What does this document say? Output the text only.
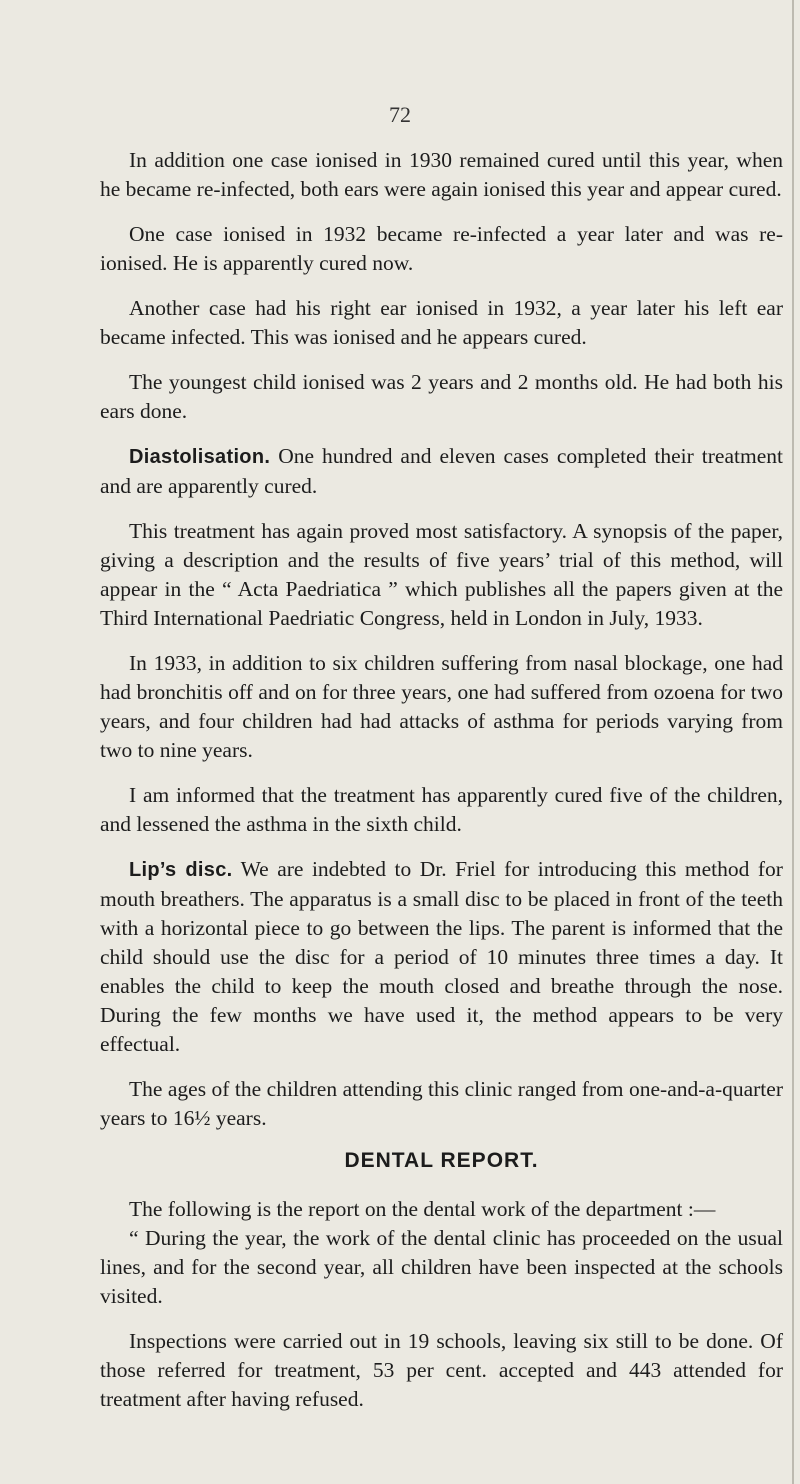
72

In addition one case ionised in 1930 remained cured until this year, when he became re-infected, both ears were again ionised this year and appear cured.

One case ionised in 1932 became re-infected a year later and was re-ionised. He is apparently cured now.

Another case had his right ear ionised in 1932, a year later his left ear became infected. This was ionised and he appears cured.

The youngest child ionised was 2 years and 2 months old. He had both his ears done.

Diastolisation. One hundred and eleven cases completed their treatment and are apparently cured.

This treatment has again proved most satisfactory. A synopsis of the paper, giving a description and the results of five years’ trial of this method, will appear in the “ Acta Paedriatica ” which publishes all the papers given at the Third International Paedriatic Congress, held in London in July, 1933.

In 1933, in addition to six children suffering from nasal blockage, one had had bronchitis off and on for three years, one had suffered from ozoena for two years, and four children had had attacks of asthma for periods varying from two to nine years.

I am informed that the treatment has apparently cured five of the children, and lessened the asthma in the sixth child.

Lip’s disc. We are indebted to Dr. Friel for introducing this method for mouth breathers. The apparatus is a small disc to be placed in front of the teeth with a horizontal piece to go between the lips. The parent is informed that the child should use the disc for a period of 10 minutes three times a day. It enables the child to keep the mouth closed and breathe through the nose. During the few months we have used it, the method appears to be very effectual.

The ages of the children attending this clinic ranged from one-and-a-quarter years to 16½ years.

DENTAL REPORT.

The following is the report on the dental work of the department :—

“ During the year, the work of the dental clinic has proceeded on the usual lines, and for the second year, all children have been inspected at the schools visited.

Inspections were carried out in 19 schools, leaving six still to be done. Of those referred for treatment, 53 per cent. accepted and 443 attended for treatment after having refused.
